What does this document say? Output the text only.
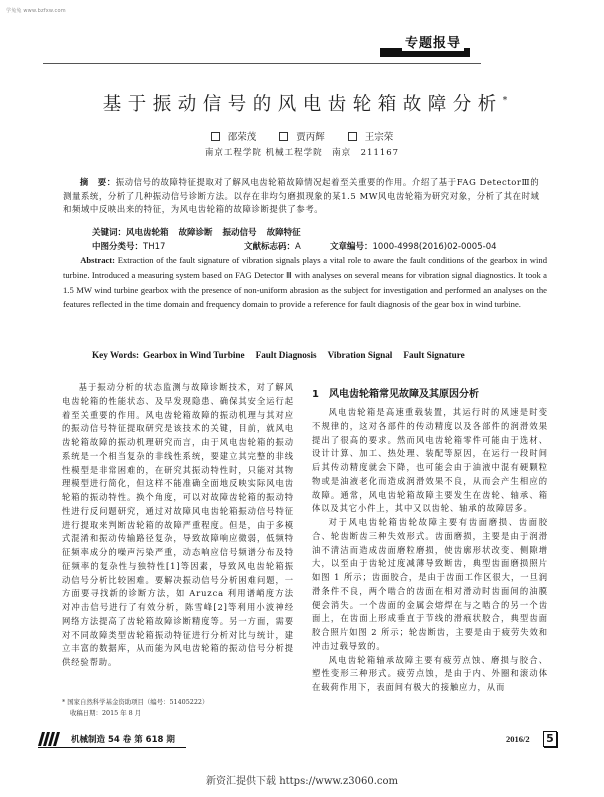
学兔兔 www.bzfxw.com
专题报导
基于振动信号的风电齿轮箱故障分析*
邵荣茂	贾丙辉	王宗荣
南京工程学院 机械工程学院　南京　211167
摘　要：振动信号的故障特征提取对了解风电齿轮箱故障情况起着至关重要的作用。介绍了基于FAG DetectorⅢ的测量系统，分析了几种振动信号诊断方法。以存在非均匀磨损现象的某1.5 MW风电齿轮箱为研究对象，分析了其在时域和频域中反映出来的特征，为风电齿轮箱的故障诊断提供了参考。
关键词：风电齿轮箱 故障诊断 振动信号 故障特征
中图分类号：TH17	文献标志码：A	文章编号：1000-4998(2016)02-0005-04
Abstract: Extraction of the fault signature of vibration signals plays a vital role to aware the fault conditions of the gearbox in wind turbine. Introduced a measuring system based on FAG Detector Ⅲ with analyses on several means for vibration signal diagnostics. It took a 1.5 MW wind turbine gearbox with the presence of non-uniform abrasion as the subject for investigation and performed an analyses on the features reflected in the time domain and frequency domain to provide a reference for fault diagnosis of the gear box in wind turbine.
Key Words: Gearbox in Wind Turbine Fault Diagnosis Vibration Signal Fault Signature

基于振动分析的状态监测与故障诊断技术，对了解风电齿轮箱的性能状态、及早发现隐患、确保其安全运行起着至关重要的作用。风电齿轮箱故障的振动机理与其对应的振动信号特征提取研究是该技术的关键，目前，就风电齿轮箱故障的振动机理研究而言，由于风电齿轮箱的振动系统是一个相当复杂的非线性系统，要建立其完整的非线性模型是非常困难的，在研究其振动特性时，只能对其物理模型进行简化，但这样不能准确全面地反映实际风电齿轮箱的振动特性。换个角度，可以对故障齿轮箱的振动特性进行反问题研究，通过对故障风电齿轮箱振动信号特征进行提取来判断齿轮箱的故障严重程度。但是，由于多模式混淆和振动传输路径复杂，导致故障响应微弱，低频特征频率成分的噪声污染严重，动态响应信号频谱分布及特征频率的复杂性与独特性[1]等因素，导致风电齿轮箱振动信号分析比较困难。要解决振动信号分析困难问题，一方面要寻找新的诊断方法，如 Aruzca 利用谱峭度方法对冲击信号进行了有效分析，陈雪峰[2]等利用小波神经网络方法提高了齿轮箱故障诊断精度等。另一方面，需要对不同故障类型齿轮箱振动特征进行分析对比与统计，建立丰富的数据库，从而能为风电齿轮箱的振动信号分析提供经验帮助。

1 风电齿轮箱常见故障及其原因分析

风电齿轮箱是高速重载装置，其运行时的风速是时变不规律的，这对各部件的传动精度以及各部件的润滑效果提出了很高的要求。然而风电齿轮箱零件可能由于选材、设计计算、加工、热处理、装配等原因，在运行一段时间后其传动精度就会下降，也可能会由于油液中混有硬颗粒物或是油液老化而造成润滑效果不良，从而会产生相应的故障。通常，风电齿轮箱故障主要发生在齿轮、轴承、箱体以及其它小件上，其中又以齿轮、轴承的故障居多。

对于风电齿轮箱齿轮故障主要有齿面磨损、齿面胶合、轮齿断齿三种失效形式。齿面磨损，主要是由于润滑油不清洁而造成齿面磨粒磨损，使齿廓形状改变、侧隙增大，以至由于齿轮过度减薄导致断齿，典型齿面磨损照片如图 1 所示；齿面胶合，是由于齿面工作区很大，一旦润滑条件不良，两个啮合的齿面在相对滑动时齿面间的油膜便会消失。一个齿面的金属会熔焊在与之啮合的另一个齿面上，在齿面上形成垂直于节线的滑痕状胶合，典型齿面胶合照片如图 2 所示；轮齿断齿，主要是由于疲劳失效和冲击过载导致的。

风电齿轮箱轴承故障主要有疲劳点蚀、磨损与胶合、塑性变形三种形式。疲劳点蚀，是由于内、外圈和滚动体在载荷作用下，表面间有极大的接触应力，从而

* 国家自然科学基金资助项目（编号：51405222）
收稿日期：2015 年 8 月
机械制造 54 卷 第 618 期	2016/2 5
新资汇提供下载 https://www.z3060.com
